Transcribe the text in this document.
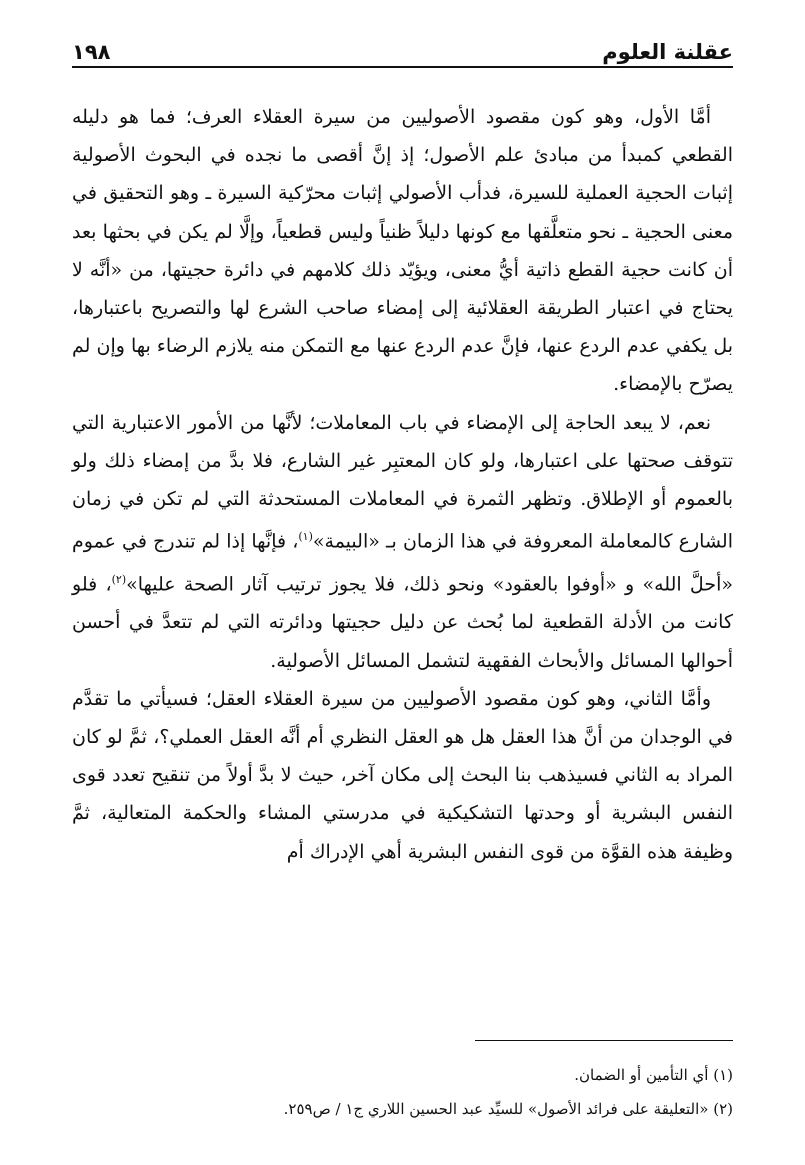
عقلنة العلوم
١٩٨

أمَّا الأول، وهو كون مقصود الأصوليين من سيرة العقلاء العرف؛ فما هو دليله القطعي كمبدأ من مبادئ علم الأصول؛ إذ إنَّ أقصى ما نجده في البحوث الأصولية إثبات الحجية العملية للسيرة، فدأب الأصولي إثبات محرّكية السيرة ـ وهو التحقيق في معنى الحجية ـ نحو متعلَّقها مع كونها دليلاً ظنياً وليس قطعياً، وإلَّا لم يكن في بحثها بعد أن كانت حجية القطع ذاتية أيُّ معنى، ويؤيّد ذلك كلامهم في دائرة حجيتها، من «أنَّه لا يحتاج في اعتبار الطريقة العقلائية إلى إمضاء صاحب الشرع لها والتصريح باعتبارها، بل يكفي عدم الردع عنها، فإنَّ عدم الردع عنها مع التمكن منه يلازم الرضاء بها وإن لم يصرّح بالإمضاء.

نعم، لا يبعد الحاجة إلى الإمضاء في باب المعاملات؛ لأنَّها من الأمور الاعتبارية التي تتوقف صحتها على اعتبارها، ولو كان المعتبِر غير الشارع، فلا بدَّ من إمضاء ذلك ولو بالعموم أو الإطلاق. وتظهر الثمرة في المعاملات المستحدثة التي لم تكن في زمان الشارع كالمعاملة المعروفة في هذا الزمان بـ «البيمة»$^{(١)}$، فإنَّها إذا لم تندرج في عموم «أحلَّ الله» و «أوفوا بالعقود» ونحو ذلك، فلا يجوز ترتيب آثار الصحة عليها»$^{(٢)}$، فلو كانت من الأدلة القطعية لما بُحث عن دليل حجيتها ودائرته التي لم تتعدَّ في أحسن أحوالها المسائل والأبحاث الفقهية لتشمل المسائل الأصولية.

وأمَّا الثاني، وهو كون مقصود الأصوليين من سيرة العقلاء العقل؛ فسيأتي ما تقدَّم في الوجدان من أنَّ هذا العقل هل هو العقل النظري أم أنَّه العقل العملي؟، ثمَّ لو كان المراد به الثاني فسيذهب بنا البحث إلى مكان آخر، حيث لا بدَّ أولاً من تنقيح تعدد قوى النفس البشرية أو وحدتها التشكيكية في مدرستي المشاء والحكمة المتعالية، ثمَّ وظيفة هذه القوَّة من قوى النفس البشرية أهي الإدراك أم

(١) أي التأمين أو الضمان.
(٢) «التعليقة على فرائد الأصول» للسيِّد عبد الحسين اللاري ج١ / ص٢٥٩.
